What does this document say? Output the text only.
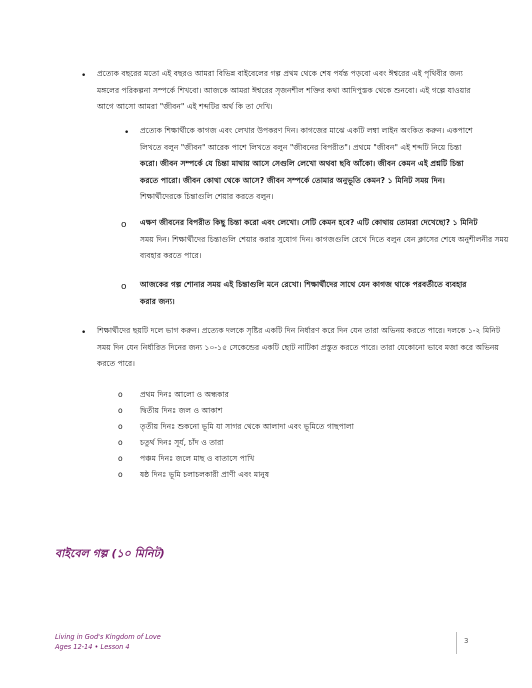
• প্রত্যেক বছরের মতো এই বছরও আমরা বিভিন্ন বাইবেলের গল্প প্রথম থেকে শেষ পর্যন্ত পড়বো এবং ঈশ্বরের এই পৃথিবীর জন্য
মঙ্গলের পরিকল্পনা সম্পর্কে শিখবো। আজকে আমরা ঈশ্বরের সৃজনশীল শক্তির কথা আদিপুস্তক থেকে শুনবো। এই গল্পে যাওয়ার
আগে আসো আমরা "জীবন" এই শব্দটির অর্থ কি তা দেখি।
• প্রত্যেক শিক্ষার্থীকে কাগজ এবং লেখার উপকরণ দিন। কাগজের মাঝে একটি লম্বা লাইন অংকিত করুন। একপাশে
লিখতে বলুন "জীবন" আরেক পাশে লিখতে বলুন "জীবনের বিপরীত"। প্রথমে "জীবন" এই শব্দটি নিয়ে চিন্তা
করো। জীবন সম্পর্কে যে চিন্তা মাথায় আসে সেগুলি লেখো অথবা ছবি আঁকো। জীবন কেমন এই প্রশ্নটি চিন্তা
করতে পারো। জীবন কোথা থেকে আসে? জীবন সম্পর্কে তোমার অনুভূতি কেমন? ১ মিনিট সময় দিন।
শিক্ষার্থীদেরকে চিন্তাগুলি শেয়ার করতে বলুন।
o এক্ষণ জীবনের বিপরীত কিছু চিন্তা করো এবং লেখো। সেটি কেমন হবে? এটি কোথায় তোমরা দেখেছো? ১ মিনিট
সময় দিন। শিক্ষার্থীদের চিন্তাগুলি শেয়ার করার সুযোগ দিন। কাগজগুলি রেখে দিতে বলুন যেন ক্লাসের শেষে অনুশীলনীর সময়
ব্যবহার করতে পারে।
o আজকের গল্প শোনার সময় এই চিন্তাগুলি মনে রেখো। শিক্ষার্থীদের সাথে যেন কাগজ থাকে পরবর্তীতে ব্যবহার
করার জন্য।
• শিক্ষার্থীদের ছয়টি দলে ভাগ করুন। প্রত্যেক দলকে সৃষ্টির একটি দিন নির্ধারণ করে দিন যেন তারা অভিনয় করতে পারে। দলকে ১-২ মিনিট
সময় দিন যেন নির্ধারিত দিনের জন্য ১০-১৫ সেকেন্ডের একটি ছোট নাটিকা প্রস্তুত করতে পারে। তারা যেকোনো ভাবে মজা করে অভিনয়
করতে পারে।
o প্রথম দিনঃ আলো ও অন্ধকার
o দ্বিতীয় দিনঃ জল ও আকাশ
o তৃতীয় দিনঃ শুকনো ভূমি যা সাগর থেকে আলাদা এবং ভূমিতে গাছপালা
o চতুর্থ দিনঃ সূর্য, চাঁদ ও তারা
o পঞ্চম দিনঃ জলে মাছ ও বাতাসে পাখি
o ষষ্ঠ দিনঃ ভূমি চলাচলকারী প্রাণী এবং মানুষ
বাইবেল গল্প (১০ মিনিট)
Living in God's Kingdom of Love
Ages 12-14 • Lesson 4
3
